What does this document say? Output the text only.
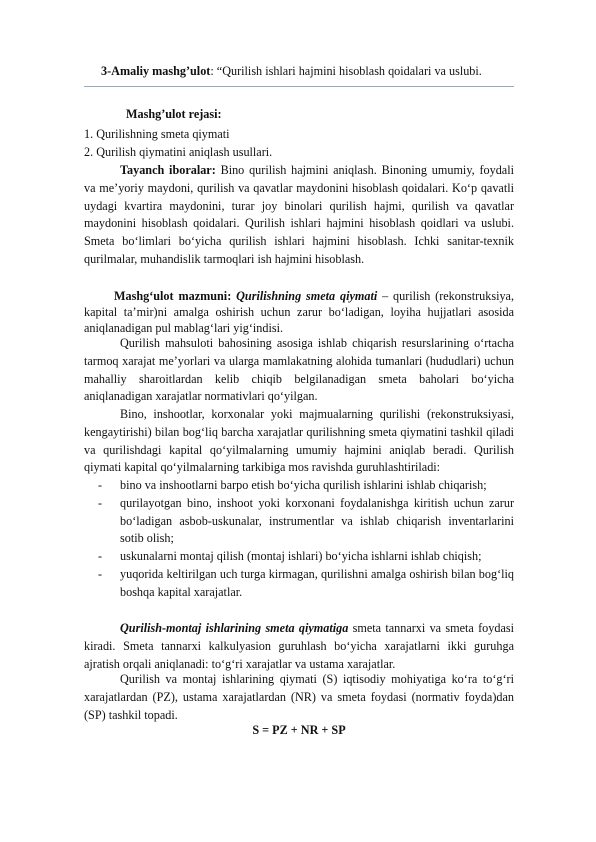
3-Amaliy mashg’ulot: “Qurilish ishlari hajmini hisoblash qoidalari va uslubi.
Mashg’ulot rejasi:
1. Qurilishning smeta qiymati
2. Qurilish qiymatini aniqlash usullari.

Tayanch iboralar: Bino qurilish hajmini aniqlash. Binoning umumiy, foydali va me’yoriy maydoni, qurilish va qavatlar maydonini hisoblash qoidalari. Ko‘p qavatli uydagi kvartira maydonini, turar joy binolari qurilish hajmi, qurilish va qavatlar maydonini hisoblash qoidalari. Qurilish ishlari hajmini hisoblash qoidlari va uslubi. Smeta bo‘limlari bo‘yicha qurilish ishlari hajmini hisoblash. Ichki sanitar-texnik qurilmalar, muhandislik tarmoqlari ish hajmini hisoblash.

Mashg‘ulot mazmuni: Qurilishning smeta qiymati – qurilish (rekonstruksiya, kapital ta’mir)ni amalga oshirish uchun zarur bo‘ladigan, loyiha hujjatlari asosida aniqlanadigan pul mablag‘lari yig‘indisi.

Qurilish mahsuloti bahosining asosiga ishlab chiqarish resurslarining o‘rtacha tarmoq xarajat me’yorlari va ularga mamlakatning alohida tumanlari (hududlari) uchun mahalliy sharoitlardan kelib chiqib belgilanadigan smeta baholari bo‘yicha aniqlanadigan xarajatlar normativlari qo‘yilgan.

Bino, inshootlar, korxonalar yoki majmualarning qurilishi (rekonstruksiyasi, kengaytirishi) bilan bog‘liq barcha xarajatlar qurilishning smeta qiymatini tashkil qiladi va qurilishdagi kapital qo‘yilmalarning umumiy hajmini aniqlab beradi. Qurilish qiymati kapital qo‘yilmalarning tarkibiga mos ravishda guruhlashtiriladi:

- bino va inshootlarni barpo etish bo‘yicha qurilish ishlarini ishlab chiqarish;
- qurilayotgan bino, inshoot yoki korxonani foydalanishga kiritish uchun zarur bo‘ladigan asbob-uskunalar, instrumentlar va ishlab chiqarish inventarlarini sotib olish;
- uskunalarni montaj qilish (montaj ishlari) bo‘yicha ishlarni ishlab chiqish;
- yuqorida keltirilgan uch turga kirmagan, qurilishni amalga oshirish bilan bog‘liq boshqa kapital xarajatlar.

Qurilish-montaj ishlarining smeta qiymatiga smeta tannarxi va smeta foydasi kiradi. Smeta tannarxi kalkulyasion guruhlash bo‘yicha xarajatlarni ikki guruhga ajratish orqali aniqlanadi: to‘g‘ri xarajatlar va ustama xarajatlar.

Qurilish va montaj ishlarining qiymati (S) iqtisodiy mohiyatiga ko‘ra to‘g‘ri xarajatlardan (PZ), ustama xarajatlardan (NR) va smeta foydasi (normativ foyda)dan (SP) tashkil topadi.

S = PZ + NR + SP
